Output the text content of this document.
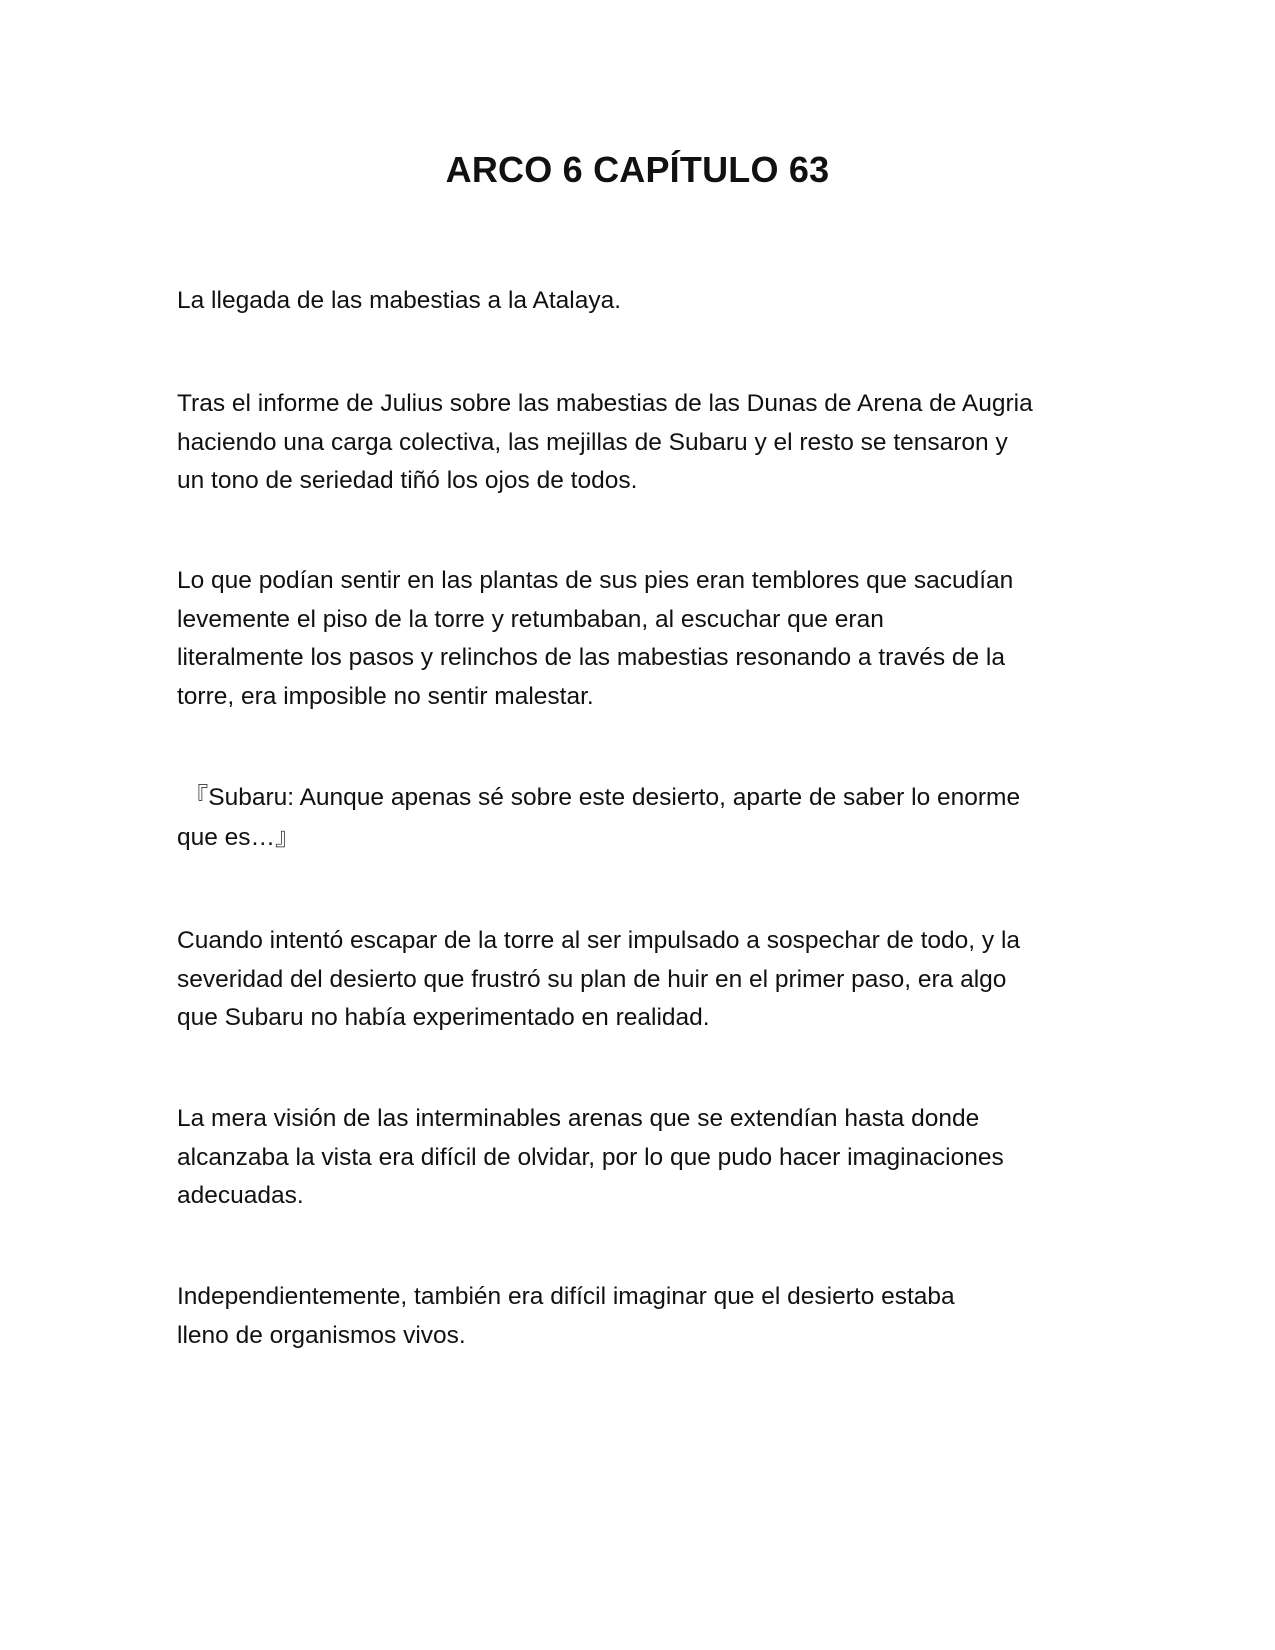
ARCO 6 CAPÍTULO 63

La llegada de las mabestias a la Atalaya.

Tras el informe de Julius sobre las mabestias de las Dunas de Arena de Augria
haciendo una carga colectiva, las mejillas de Subaru y el resto se tensaron y
un tono de seriedad tiñó los ojos de todos.

Lo que podían sentir en las plantas de sus pies eran temblores que sacudían
levemente el piso de la torre y retumbaban, al escuchar que eran
literalmente los pasos y relinchos de las mabestias resonando a través de la
torre, era imposible no sentir malestar.

『Subaru: Aunque apenas sé sobre este desierto, aparte de saber lo enorme
que es…』

Cuando intentó escapar de la torre al ser impulsado a sospechar de todo, y la
severidad del desierto que frustró su plan de huir en el primer paso, era algo
que Subaru no había experimentado en realidad.

La mera visión de las interminables arenas que se extendían hasta donde
alcanzaba la vista era difícil de olvidar, por lo que pudo hacer imaginaciones
adecuadas.

Independientemente, también era difícil imaginar que el desierto estaba
lleno de organismos vivos.
